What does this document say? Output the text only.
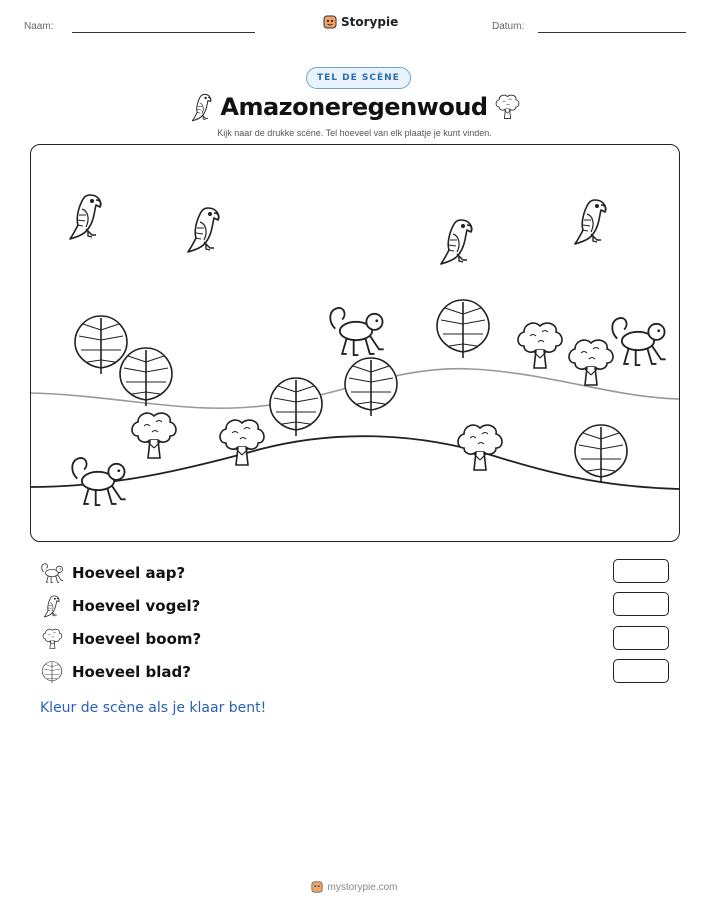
Naam:	Storypie	Datum:
TEL DE SCÈNE
Amazoneregenwoud
Kijk naar de drukke scène. Tel hoeveel van elk plaatje je kunt vinden.
Hoeveel aap?
Hoeveel vogel?
Hoeveel boom?
Hoeveel blad?
Kleur de scène als je klaar bent!
mystorypie.com
